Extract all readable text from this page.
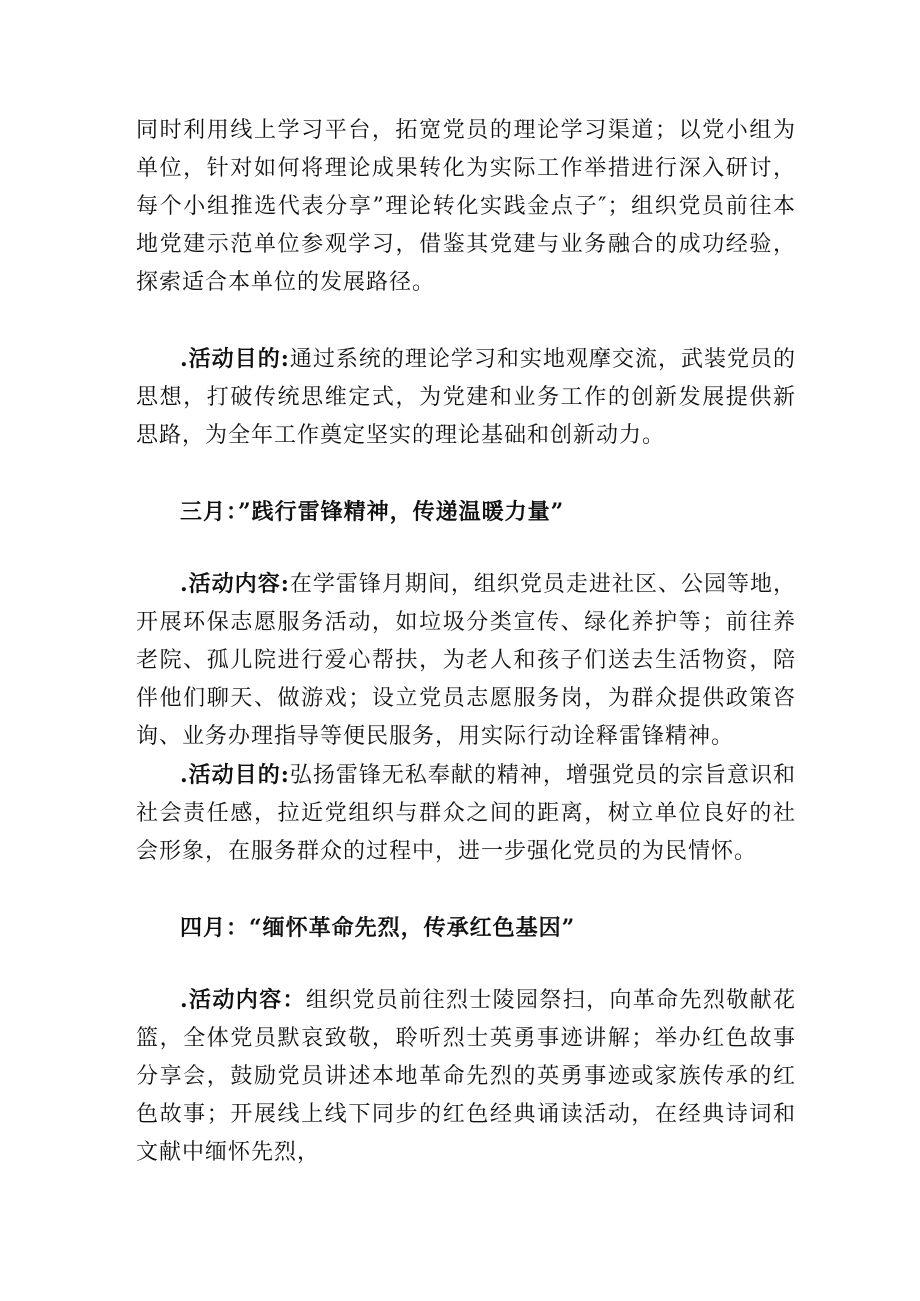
同时利用线上学习平台，拓宽党员的理论学习渠道；以党小组为单位，针对如何将理论成果转化为实际工作举措进行深入研讨，每个小组推选代表分享”理论转化实践金点子″；组织党员前往本地党建示范单位参观学习，借鉴其党建与业务融合的成功经验，探索适合本单位的发展路径。

.活动目的:通过系统的理论学习和实地观摩交流，武装党员的思想，打破传统思维定式，为党建和业务工作的创新发展提供新思路，为全年工作奠定坚实的理论基础和创新动力。

三月：”践行雷锋精神，传递温暖力量”

.活动内容:在学雷锋月期间，组织党员走进社区、公园等地，开展环保志愿服务活动，如垃圾分类宣传、绿化养护等；前往养老院、孤儿院进行爱心帮扶，为老人和孩子们送去生活物资，陪伴他们聊天、做游戏；设立党员志愿服务岗，为群众提供政策咨询、业务办理指导等便民服务，用实际行动诠释雷锋精神。

.活动目的:弘扬雷锋无私奉献的精神，增强党员的宗旨意识和社会责任感，拉近党组织与群众之间的距离，树立单位良好的社会形象，在服务群众的过程中，进一步强化党员的为民情怀。

四月：“缅怀革命先烈，传承红色基因”

.活动内容：组织党员前往烈士陵园祭扫，向革命先烈敬献花篮，全体党员默哀致敬，聆听烈士英勇事迹讲解；举办红色故事分享会，鼓励党员讲述本地革命先烈的英勇事迹或家族传承的红色故事；开展线上线下同步的红色经典诵读活动，在经典诗词和文献中缅怀先烈，
